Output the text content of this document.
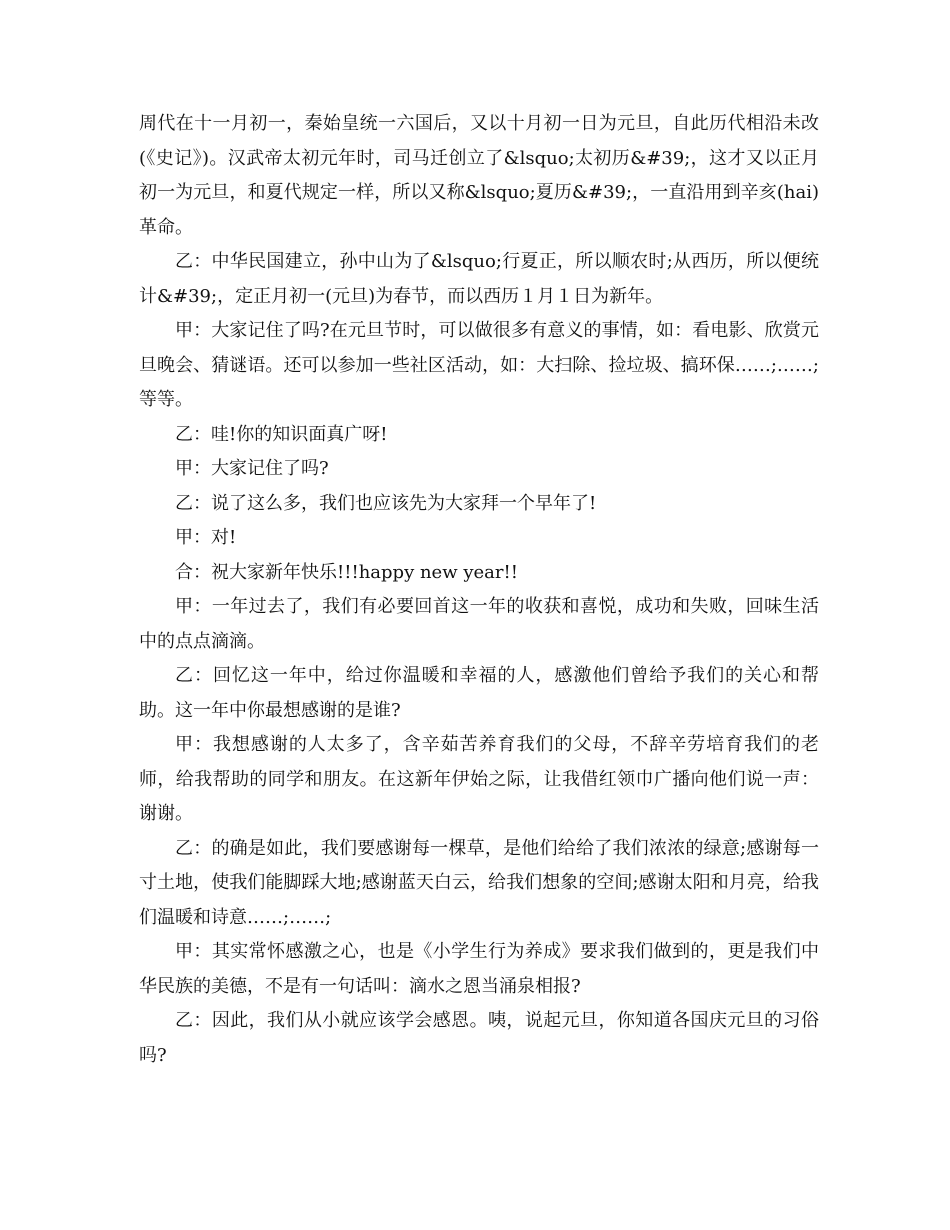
周代在十一月初一，秦始皇统一六国后，又以十月初一日为元旦，自此历代相沿未改(《史记》)。汉武帝太初元年时，司马迁创立了&lsquo;太初历&#39;，这才又以正月初一为元旦，和夏代规定一样，所以又称&lsquo;夏历&#39;，一直沿用到辛亥(hai)革命。

乙：中华民国建立，孙中山为了&lsquo;行夏正，所以顺农时;从西历，所以便统计&#39;，定正月初一(元旦)为春节，而以西历１月１日为新年。

甲：大家记住了吗?在元旦节时，可以做很多有意义的事情，如：看电影、欣赏元旦晚会、猜谜语。还可以参加一些社区活动，如：大扫除、捡垃圾、搞环保……;……;等等。

乙：哇!你的知识面真广呀!

甲：大家记住了吗?

乙：说了这么多，我们也应该先为大家拜一个早年了!

甲：对!

合：祝大家新年快乐!!!happy new year!!

甲：一年过去了，我们有必要回首这一年的收获和喜悦，成功和失败，回味生活中的点点滴滴。

乙：回忆这一年中，给过你温暖和幸福的人，感激他们曾给予我们的关心和帮助。这一年中你最想感谢的是谁?

甲：我想感谢的人太多了，含辛茹苦养育我们的父母，不辞辛劳培育我们的老师，给我帮助的同学和朋友。在这新年伊始之际，让我借红领巾广播向他们说一声：谢谢。

乙：的确是如此，我们要感谢每一棵草，是他们给给了我们浓浓的绿意;感谢每一寸土地，使我们能脚踩大地;感谢蓝天白云，给我们想象的空间;感谢太阳和月亮，给我们温暖和诗意……;……;

甲：其实常怀感激之心，也是《小学生行为养成》要求我们做到的，更是我们中华民族的美德，不是有一句话叫：滴水之恩当涌泉相报?

乙：因此，我们从小就应该学会感恩。咦，说起元旦，你知道各国庆元旦的习俗吗?
